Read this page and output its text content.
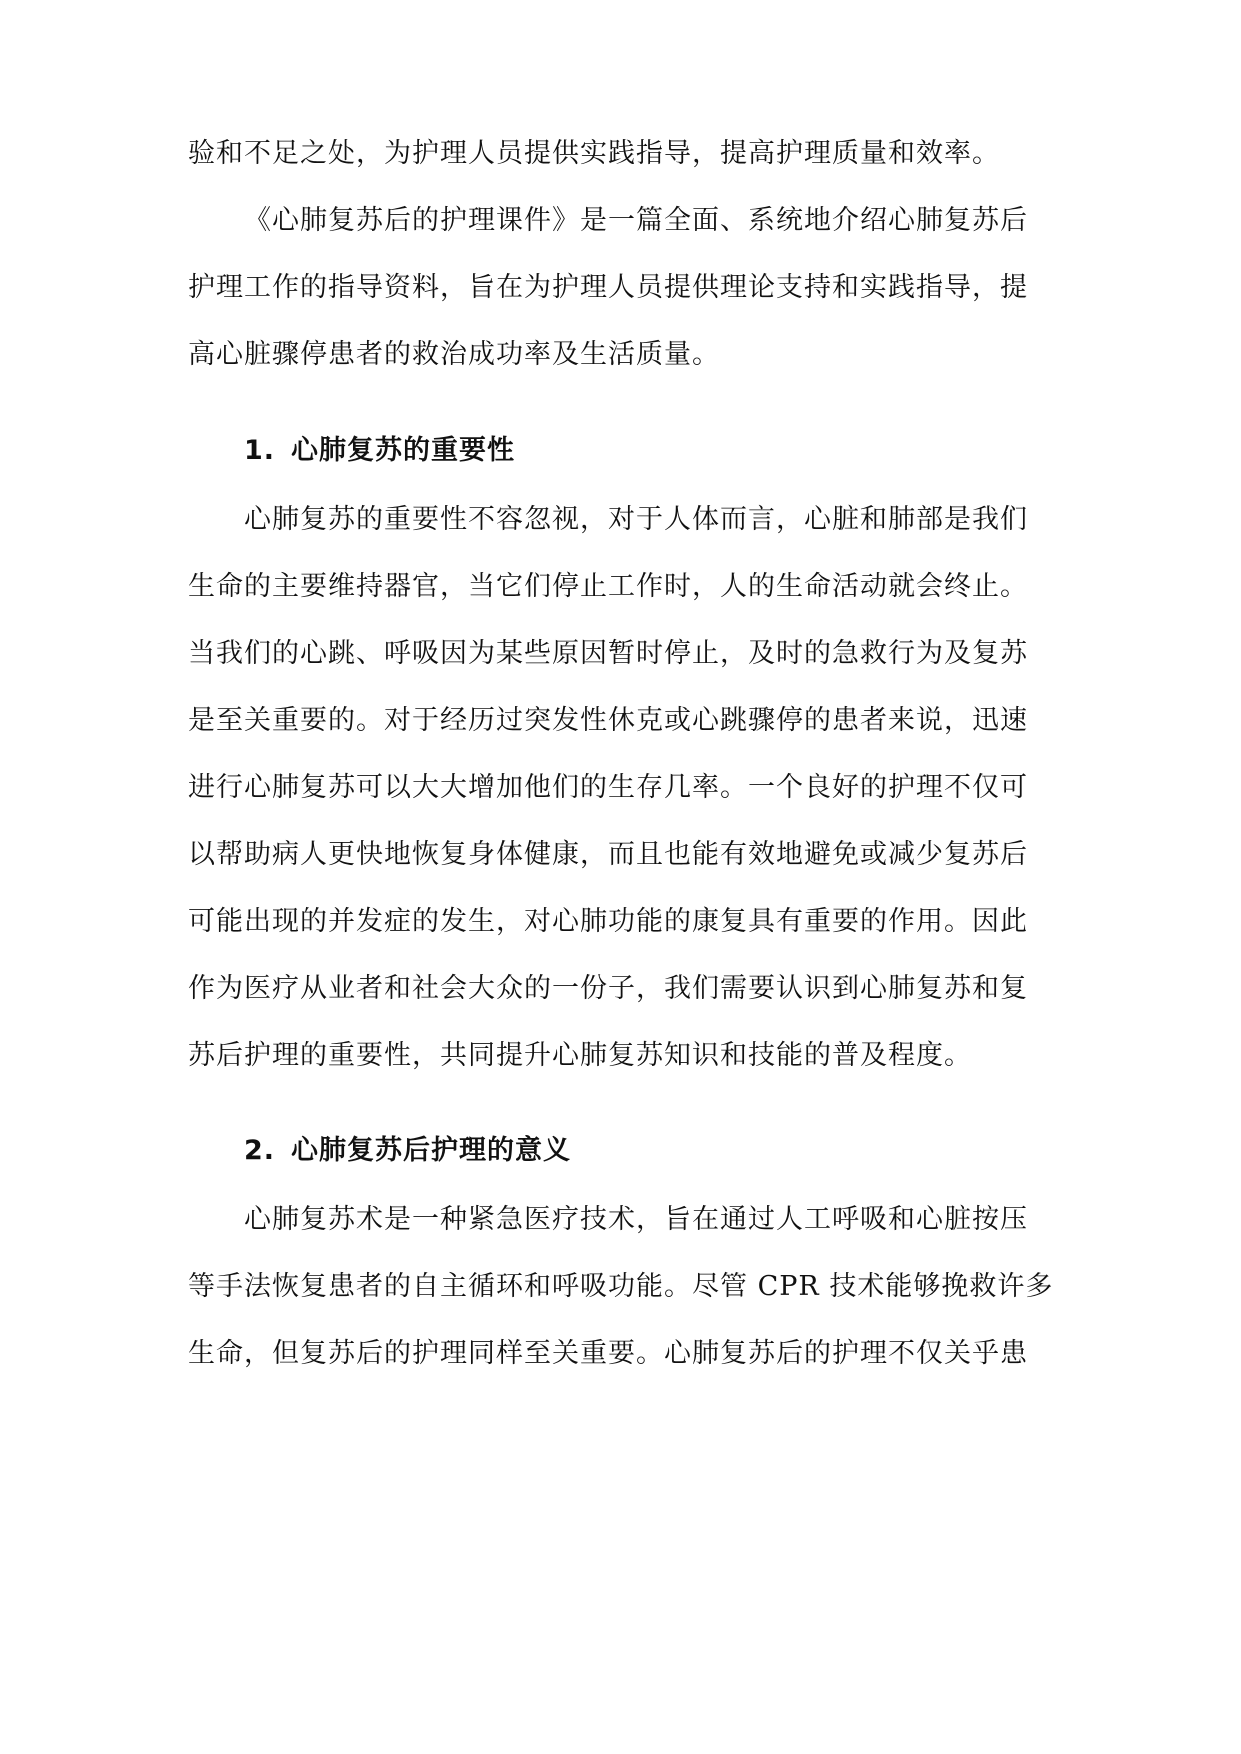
验和不足之处，为护理人员提供实践指导，提高护理质量和效率。
《心肺复苏后的护理课件》是一篇全面、系统地介绍心肺复苏后
护理工作的指导资料，旨在为护理人员提供理论支持和实践指导，提
高心脏骤停患者的救治成功率及生活质量。
1. 心肺复苏的重要性
心肺复苏的重要性不容忽视，对于人体而言，心脏和肺部是我们
生命的主要维持器官，当它们停止工作时，人的生命活动就会终止。
当我们的心跳、呼吸因为某些原因暂时停止，及时的急救行为及复苏
是至关重要的。对于经历过突发性休克或心跳骤停的患者来说，迅速
进行心肺复苏可以大大增加他们的生存几率。一个良好的护理不仅可
以帮助病人更快地恢复身体健康，而且也能有效地避免或减少复苏后
可能出现的并发症的发生，对心肺功能的康复具有重要的作用。因此
作为医疗从业者和社会大众的一份子，我们需要认识到心肺复苏和复
苏后护理的重要性，共同提升心肺复苏知识和技能的普及程度。
2. 心肺复苏后护理的意义
心肺复苏术是一种紧急医疗技术，旨在通过人工呼吸和心脏按压
等手法恢复患者的自主循环和呼吸功能。尽管 CPR 技术能够挽救许多
生命，但复苏后的护理同样至关重要。心肺复苏后的护理不仅关乎患
